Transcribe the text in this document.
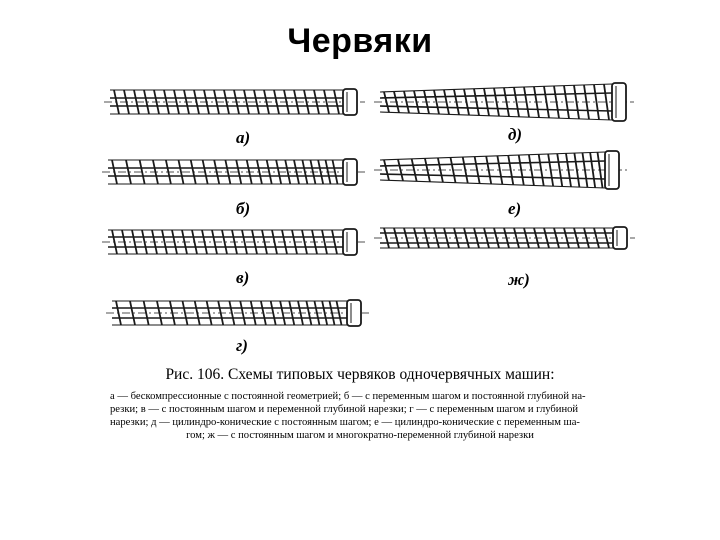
Червяки
а)
б)
в)
г)
д)
е)
ж)
Рис. 106. Схемы типовых червяков одночервячных машин:
а — бескомпрессионные с постоянной геометрией; б — с переменным шагом и постоянной глубиной на-
резки; в — с постоянным шагом и переменной глубиной нарезки; г — с переменным шагом и глубиной
нарезки; д — цилиндро-конические с постоянным шагом; е — цилиндро-конические с переменным ша-
гом; ж — с постоянным шагом и многократно-переменной глубиной нарезки
